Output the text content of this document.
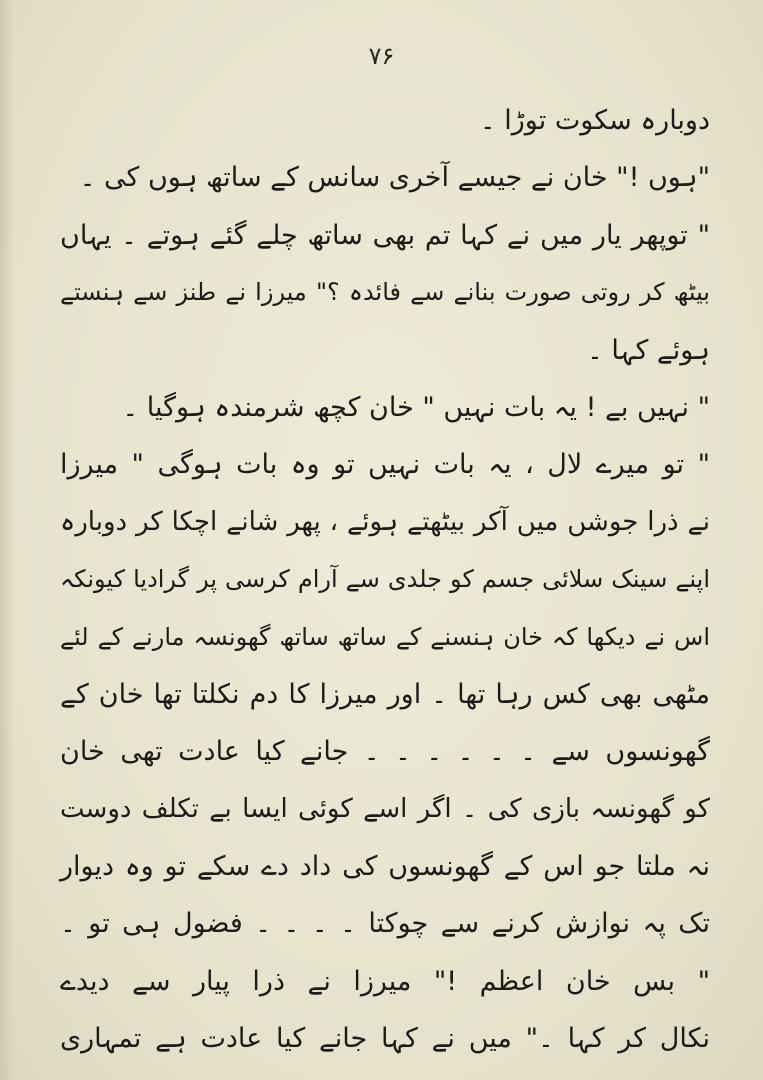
۷۶
دوبارہ سکوت توڑا ۔
"ہوں !" خان نے جیسے آخری سانس کے ساتھ ہوں کی ۔
" توپھر یار میں نے کہا تم بھی ساتھ چلے گئے ہوتے ۔ یہاں
بیٹھ کر روتی صورت بنانے سے فائدہ ؟" میرزا نے طنز سے ہنستے
ہوئے کہا ۔
" نہیں بے ! یہ بات نہیں " خان کچھ شرمندہ ہوگیا ۔
" تو میرے لال ، یہ بات نہیں تو وہ بات ہوگی " میرزا
نے ذرا جوشں میں آکر بیٹھتے ہوئے ، پھر شانے اچکا کر دوبارہ
اپنے سینک سلائی جسم کو جلدی سے آرام کرسی پر گرادیا کیونکہ
اس نے دیکھا کہ خان ہنسنے کے ساتھ ساتھ گھونسہ مارنے کے لئے
مٹھی بھی کس رہا تھا ۔ اور میرزا کا دم نکلتا تھا خان کے
گھونسوں سے ۔ ۔ ۔ ۔ ۔ ۔ جانے کیا عادت تھی خان
کو گھونسہ بازی کی ۔ اگر اسے کوئی ایسا بے تکلف دوست
نہ ملتا جو اس کے گھونسوں کی داد دے سکے تو وہ دیوار
تک پہ نوازش کرنے سے چوکتا ۔ ۔ ۔ ۔ فضول ہی تو ۔
" بس خان اعظم !" میرزا نے ذرا پیار سے دیدے
نکال کر کہا ۔" میں نے کہا جانے کیا عادت ہے تمہاری
